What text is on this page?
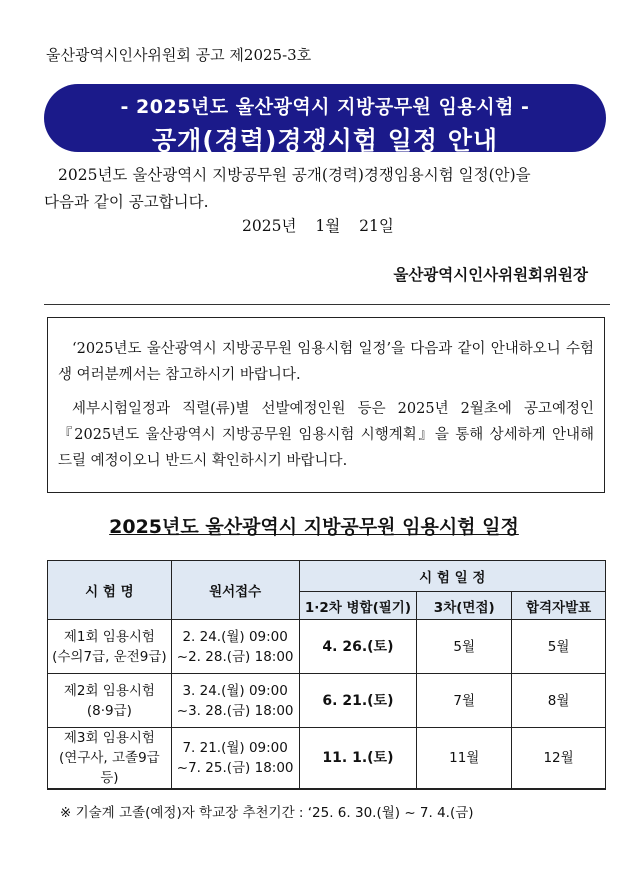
울산광역시인사위원회 공고 제2025-3호
- 2025년도 울산광역시 지방공무원 임용시험 -
공개(경력)경쟁시험 일정 안내
2025년도 울산광역시 지방공무원 공개(경력)경쟁임용시험 일정(안)을
다음과 같이 공고합니다.
2025년 1월 21일
울산광역시인사위원회위원장

‘2025년도 울산광역시 지방공무원 임용시험 일정’을 다음과 같이 안내하오니 수험생 여러분께서는 참고하시기 바랍니다.

세부시험일정과 직렬(류)별 선발예정인원 등은 2025년 2월초에 공고예정인 『2025년도 울산광역시 지방공무원 임용시험 시행계획』을 통해 상세하게 안내해 드릴 예정이오니 반드시 확인하시기 바랍니다.

2025년도 울산광역시 지방공무원 임용시험 일정
시 험 명	원서접수	시 험 일 정		
		1·2차 병합(필기)	3차(면접)	합격자발표
제1회 임용시험
(수의7급, 운전9급)	2. 24.(월) 09:00
~2. 28.(금) 18:00	4. 26.(토)	5월	5월
제2회 임용시험
(8·9급)	3. 24.(월) 09:00
~3. 28.(금) 18:00	6. 21.(토)	7월	8월
제3회 임용시험
(연구사, 고졸9급 등)	7. 21.(월) 09:00
~7. 25.(금) 18:00	11. 1.(토)	11월	12월
※ 기술계 고졸(예정)자 학교장 추천기간 : ‘25. 6. 30.(월) ~ 7. 4.(금)
